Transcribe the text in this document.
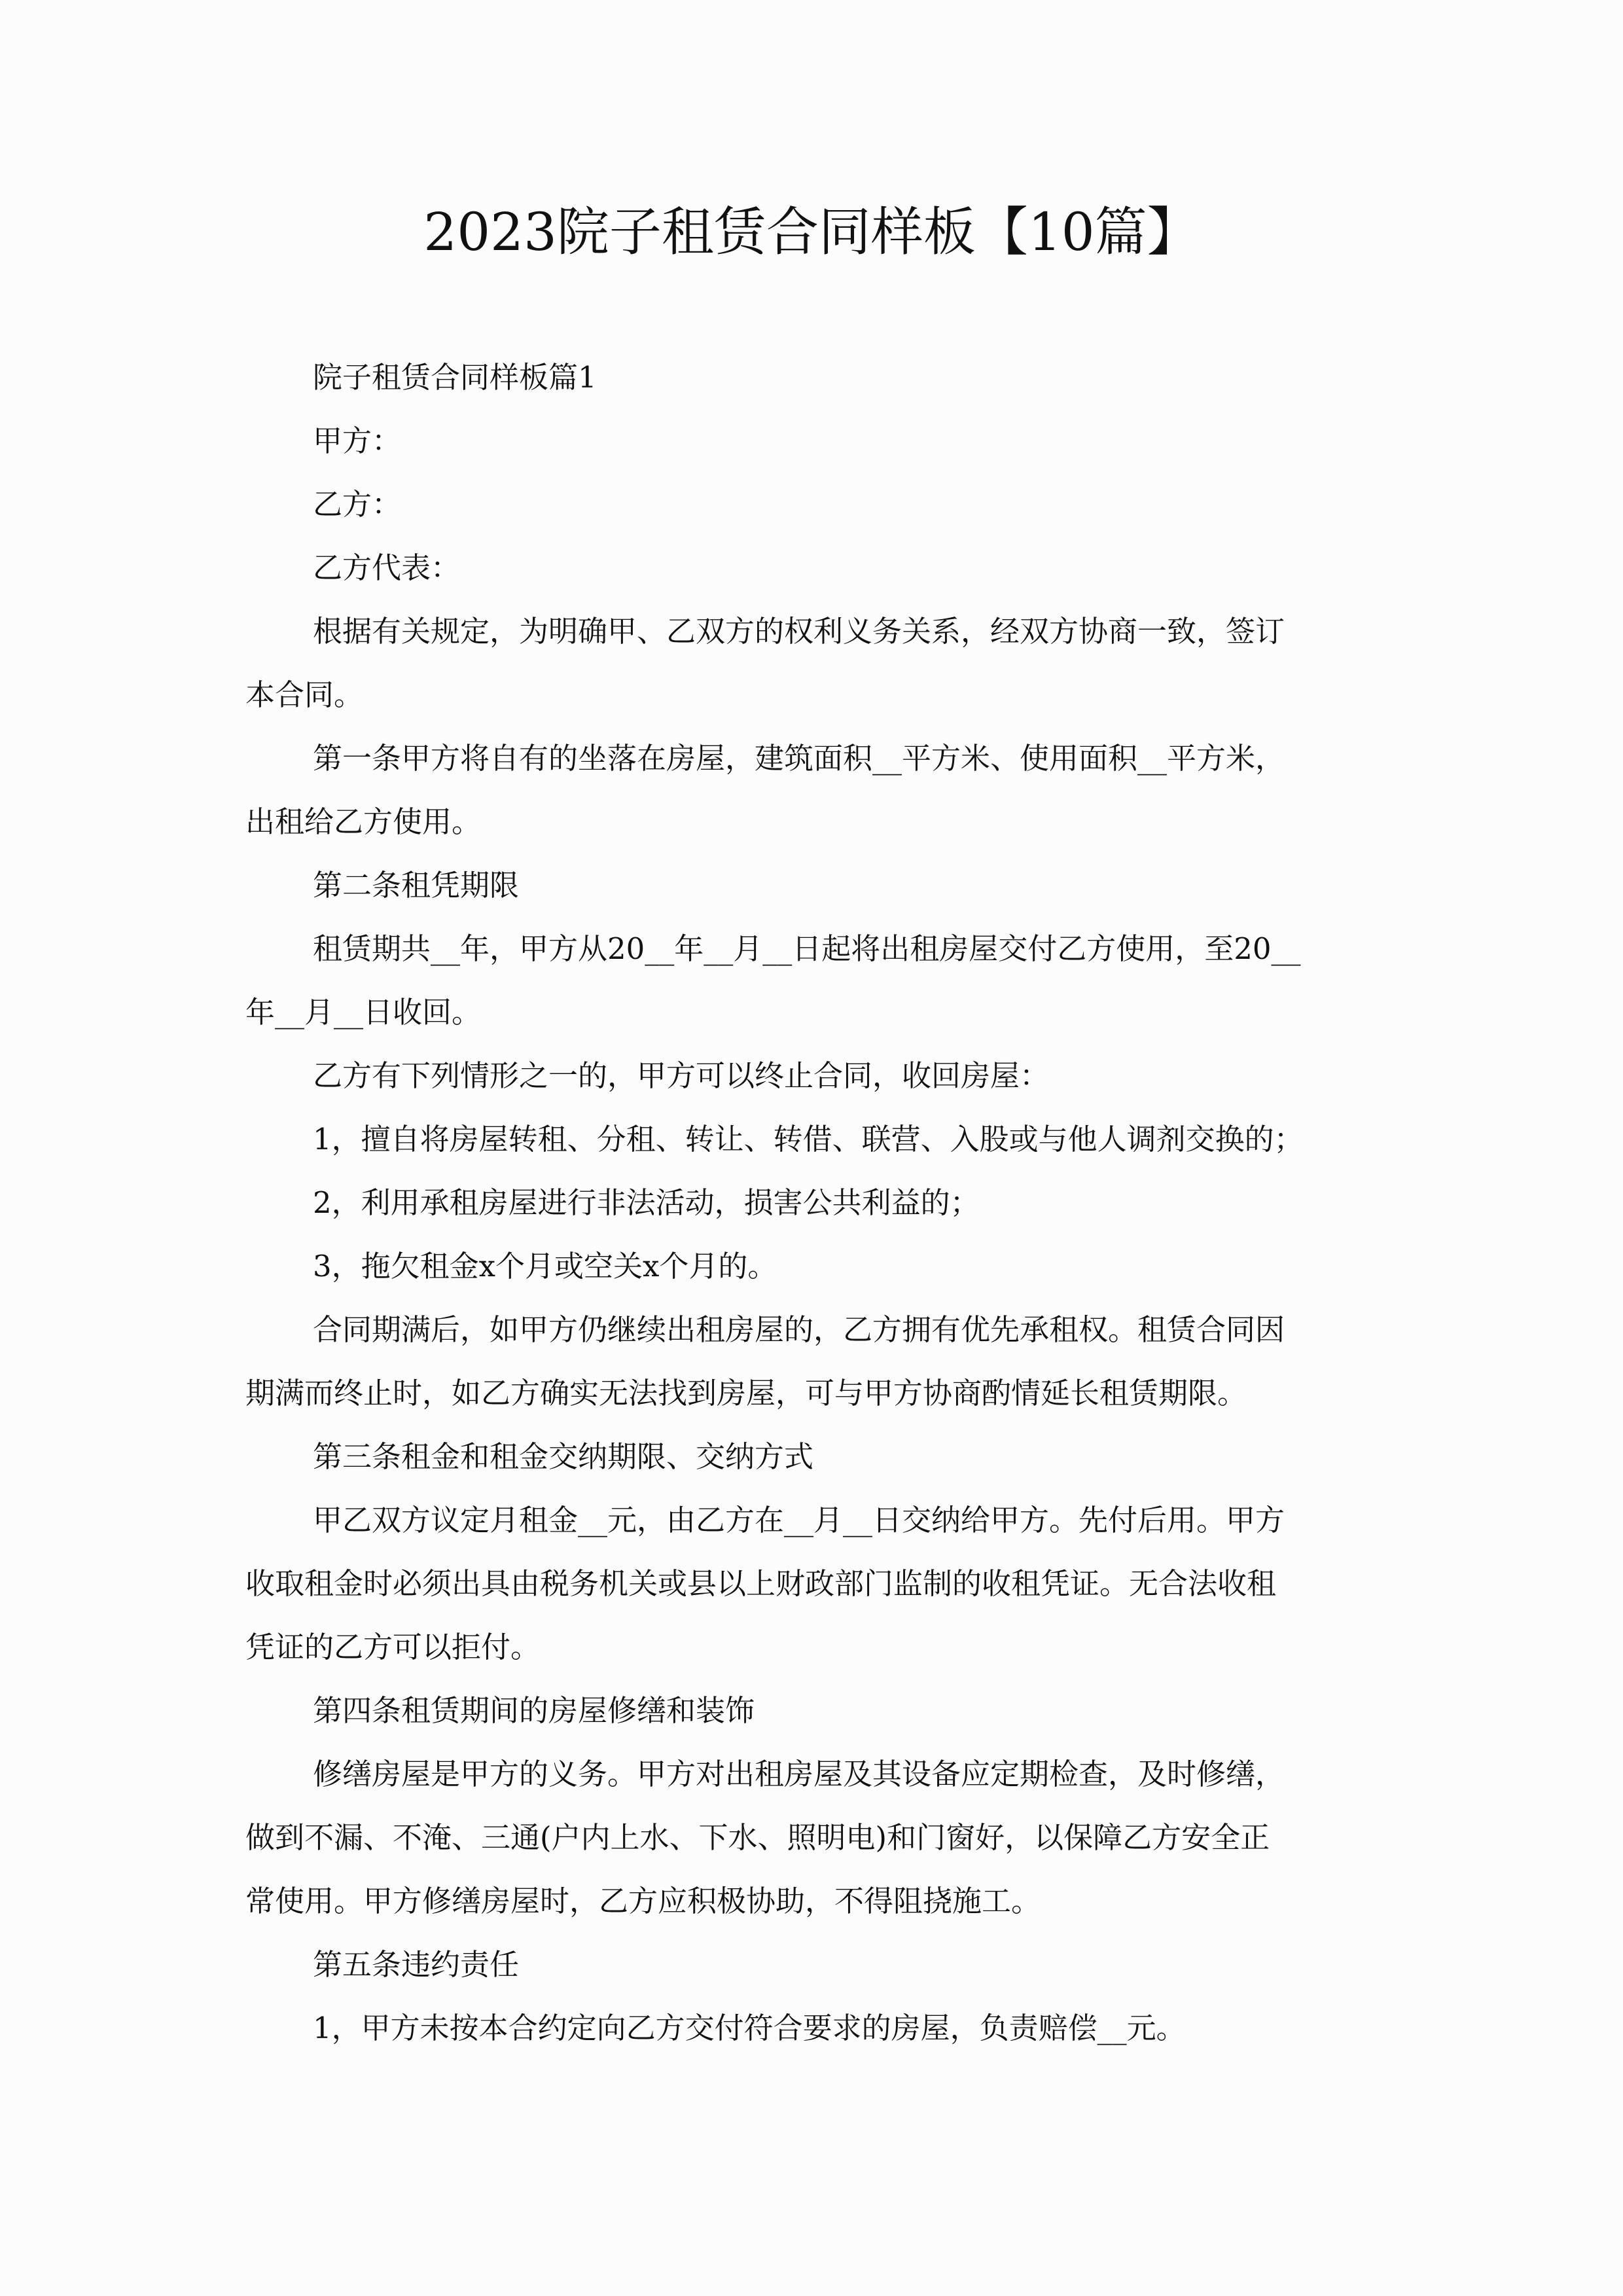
2023院子租赁合同样板【10篇】
院子租赁合同样板篇1
甲方：
乙方：
乙方代表：
根据有关规定，为明确甲、乙双方的权利义务关系，经双方协商一致，签订
本合同。
第一条甲方将自有的坐落在房屋，建筑面积__平方米、使用面积__平方米，
出租给乙方使用。
第二条租凭期限
租赁期共__年，甲方从20__年__月__日起将出租房屋交付乙方使用，至20__
年__月__日收回。
乙方有下列情形之一的，甲方可以终止合同，收回房屋：
1，擅自将房屋转租、分租、转让、转借、联营、入股或与他人调剂交换的；
2，利用承租房屋进行非法活动，损害公共利益的；
3，拖欠租金x个月或空关x个月的。
合同期满后，如甲方仍继续出租房屋的，乙方拥有优先承租权。租赁合同因
期满而终止时，如乙方确实无法找到房屋，可与甲方协商酌情延长租赁期限。
第三条租金和租金交纳期限、交纳方式
甲乙双方议定月租金__元，由乙方在__月__日交纳给甲方。先付后用。甲方
收取租金时必须出具由税务机关或县以上财政部门监制的收租凭证。无合法收租
凭证的乙方可以拒付。
第四条租赁期间的房屋修缮和装饰
修缮房屋是甲方的义务。甲方对出租房屋及其设备应定期检查，及时修缮，
做到不漏、不淹、三通(户内上水、下水、照明电)和门窗好，以保障乙方安全正
常使用。甲方修缮房屋时，乙方应积极协助，不得阻挠施工。
第五条违约责任
1，甲方未按本合约定向乙方交付符合要求的房屋，负责赔偿__元。
